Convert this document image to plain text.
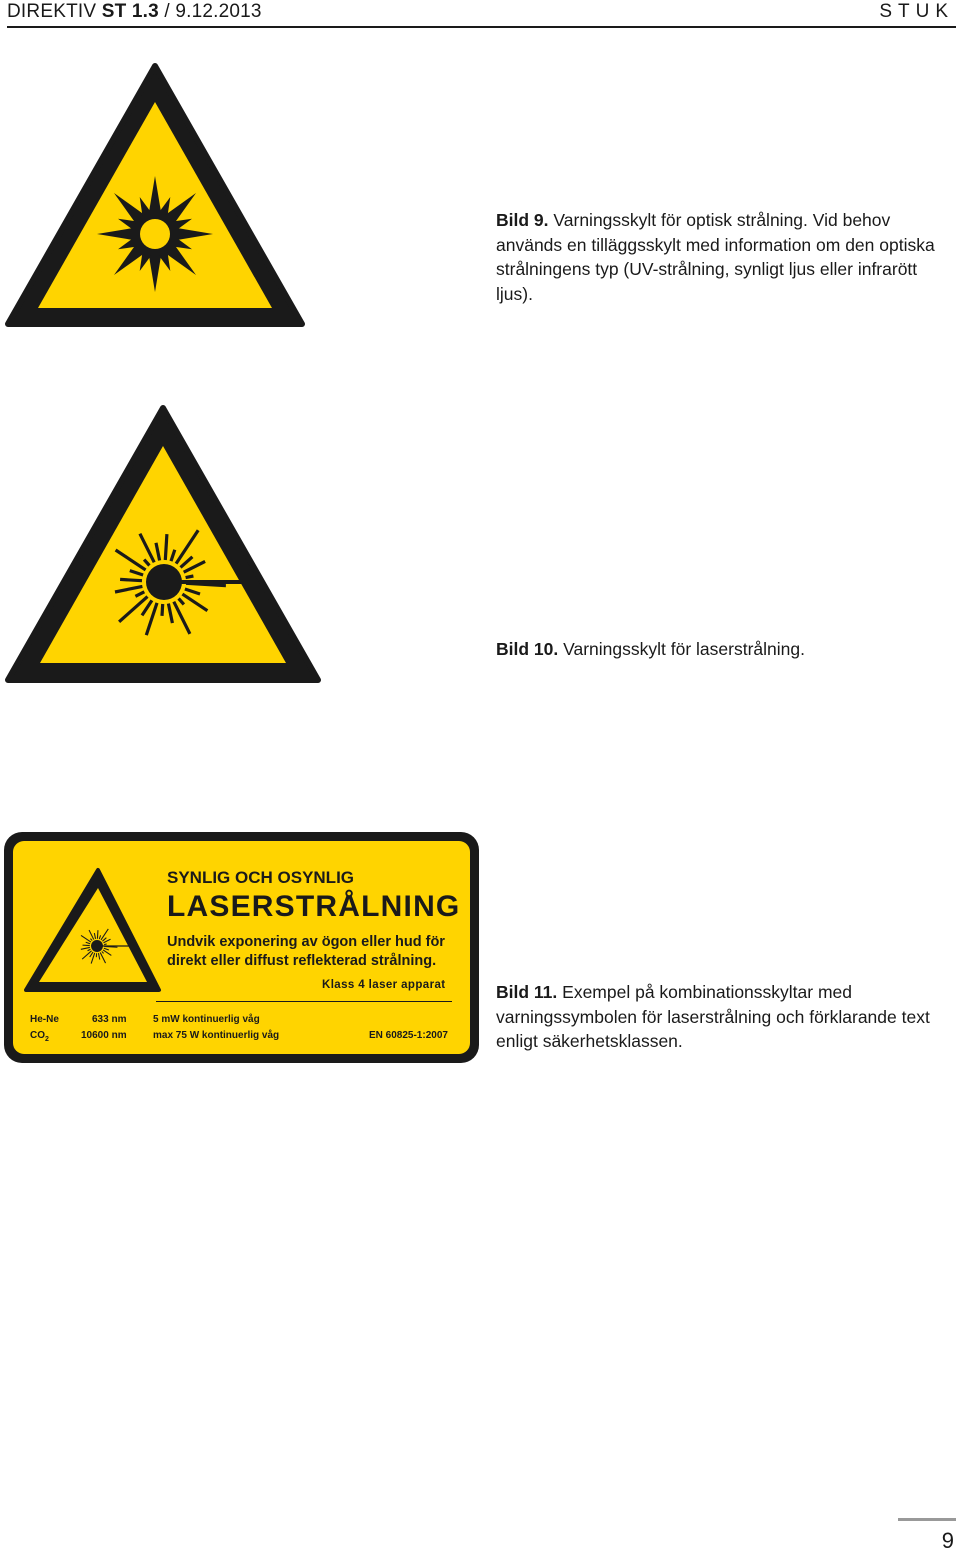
DIREKTIV ST 1.3 / 9.12.2013	STUK
Bild 9. Varningsskylt för optisk strålning. Vid behov används en tilläggsskylt med information om den optiska strålningens typ (UV-strålning, synligt ljus eller infrarött ljus).
Bild 10. Varningsskylt för laserstrålning.
SYNLIG OCH OSYNLIG
LASERSTRÅLNING
Undvik exponering av ögon eller hud för direkt eller diffust reflekterad strålning.
Klass 4 laser apparat
He-Ne	633 nm	5 mW kontinuerlig våg
$CO_2$	10600 nm	max 75 W kontinuerlig våg	EN 60825-1:2007
Bild 11. Exempel på kombinationsskyltar med varningssymbolen för laserstrålning och förklarande text enligt säkerhetsklassen.
9
